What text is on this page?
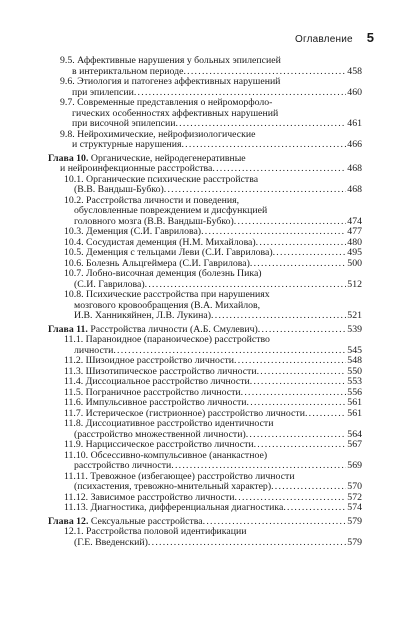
Оглавление 5
9.5. Аффективные нарушения у больных эпилепсией
в интериктальном периоде . . .	458
9.6. Этиология и патогенез аффективных нарушений
при эпилепсии . . .	460
9.7. Современные представления о нейроморфоло-
гических особенностях аффективных нарушений
при височной эпилепсии . . .	461
9.8. Нейрохимические, нейрофизиологические
и структурные нарушения . . .	466
Глава 10. Органические, нейродегенеративные
и нейроинфекционные расстройства . . .	468
10.1. Органические психические расстройства
(В.В. Вандыш-Бубко) . . .	468
10.2. Расстройства личности и поведения,
обусловленные повреждением и дисфункцией
головного мозга (В.В. Вандыш-Бубко) . . .	474
10.3. Деменция (С.И. Гаврилова) . . .	477
10.4. Сосудистая деменция (Н.М. Михайлова) . . .	480
10.5. Деменция с тельцами Леви (С.И. Гаврилова) . . .	495
10.6. Болезнь Альцгеймера (С.И. Гаврилова) . . .	500
10.7. Лобно-височная деменция (болезнь Пика)
(С.И. Гаврилова) . . .	512
10.8. Психические расстройства при нарушениях
мозгового кровообращения (В.А. Михайлов,
И.В. Ханникяйнен, Л.В. Лукина) . . .	521
Глава 11. Расстройства личности (А.Б. Смулевич) . . .	539
11.1. Параноидное (параноическое) расстройство
личности . . .	545
11.2. Шизоидное расстройство личности . . .	548
11.3. Шизотипическое расстройство личности . . .	550
11.4. Диссоциальное расстройство личности . . .	553
11.5. Пограничное расстройство личности . . .	556
11.6. Импульсивное расстройство личности . . .	561
11.7. Истерическое (гистрионное) расстройство личности . . .	561
11.8. Диссоциативное расстройство идентичности
(расстройство множественной личности) . . .	564
11.9. Нарциссическое расстройство личности . . .	567
11.10. Обсессивно-компульсивное (ананкастное)
расстройство личности . . .	569
11.11. Тревожное (избегающее) расстройство личности
(психастения, тревожно-мнительный характер) . . .	570
11.12. Зависимое расстройство личности . . .	572
11.13. Диагностика, дифференциальная диагностика . . .	574
Глава 12. Сексуальные расстройства . . .	579
12.1. Расстройства половой идентификации
(Г.Е. Введенский) . . .	579
